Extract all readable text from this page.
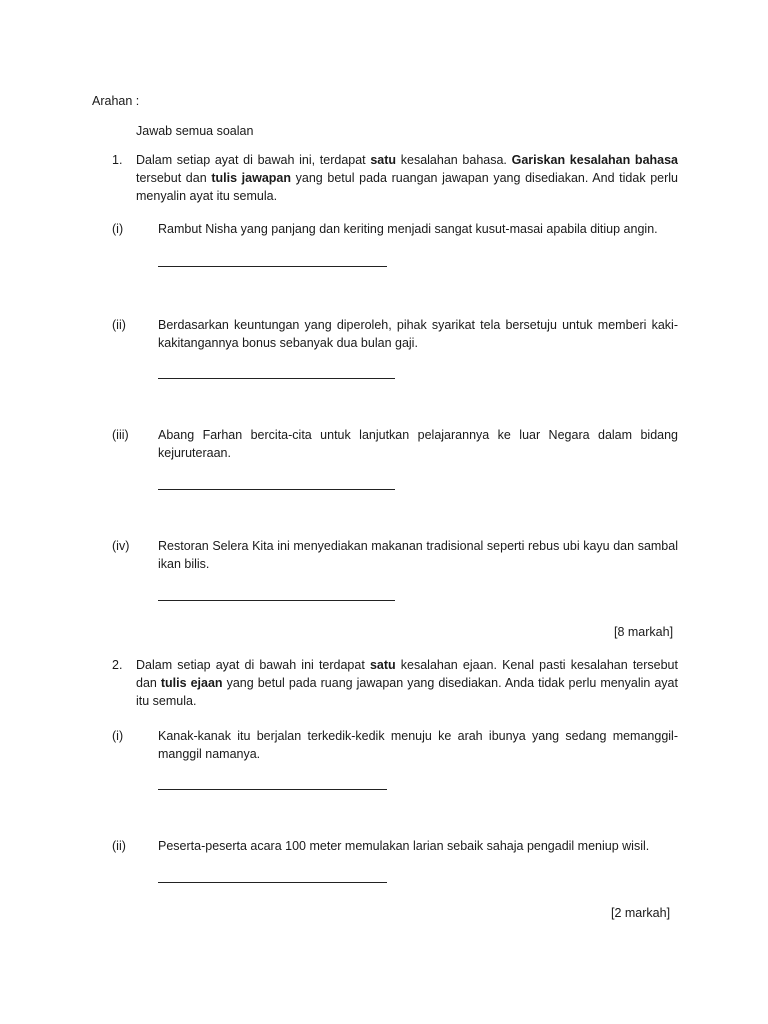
Arahan :
Jawab semua soalan
1. Dalam setiap ayat di bawah ini, terdapat satu kesalahan bahasa. Gariskan kesalahan bahasa tersebut dan tulis jawapan yang betul pada ruangan jawapan yang disediakan. And tidak perlu menyalin ayat itu semula.
(i)	Rambut Nisha yang panjang dan keriting menjadi sangat kusut-masai apabila ditiup angin.
(ii)	Berdasarkan keuntungan yang diperoleh, pihak syarikat tela bersetuju untuk memberi kaki-kakitangannya bonus sebanyak dua bulan gaji.
(iii) Abang Farhan bercita-cita untuk lanjutkan pelajarannya ke luar Negara dalam bidang kejuruteraan.
(iv) Restoran Selera Kita ini menyediakan makanan tradisional seperti rebus ubi kayu dan sambal ikan bilis.
[8 markah]
2. Dalam setiap ayat di bawah ini terdapat satu kesalahan ejaan. Kenal pasti kesalahan tersebut dan tulis ejaan yang betul pada ruang jawapan yang disediakan. Anda tidak perlu menyalin ayat itu semula.
(i)	Kanak-kanak itu berjalan terkedik-kedik menuju ke arah ibunya yang sedang memanggil-manggil namanya.
(ii)	Peserta-peserta acara 100 meter memulakan larian sebaik sahaja pengadil meniup wisil.
[2 markah]
